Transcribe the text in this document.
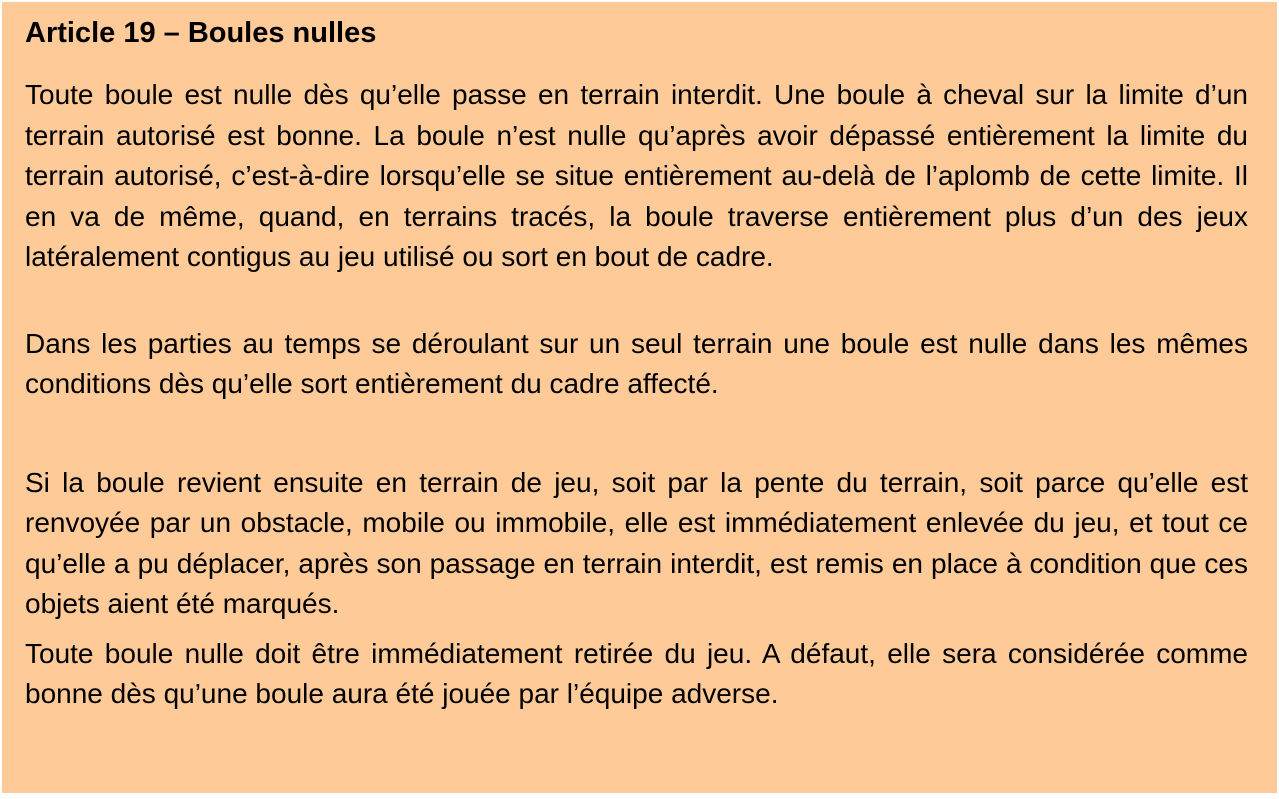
Article 19 – Boules nulles

Toute boule est nulle dès qu’elle passe en terrain interdit. Une boule à cheval sur la limite d’un terrain autorisé est bonne. La boule n’est nulle qu’après avoir dépassé entièrement la limite du terrain autorisé, c’est-à-dire lorsqu’elle se situe entièrement au-delà de l’aplomb de cette limite. Il en va de même, quand, en terrains tracés, la boule traverse entièrement plus d’un des jeux latéralement contigus au jeu utilisé ou sort en bout de cadre.

Dans les parties au temps se déroulant sur un seul terrain une boule est nulle dans les mêmes conditions dès qu’elle sort entièrement du cadre affecté.

Si la boule revient ensuite en terrain de jeu, soit par la pente du terrain, soit parce qu’elle est renvoyée par un obstacle, mobile ou immobile, elle est immédiatement enlevée du jeu, et tout ce qu’elle a pu déplacer, après son passage en terrain interdit, est remis en place à condition que ces objets aient été marqués.

Toute boule nulle doit être immédiatement retirée du jeu. A défaut, elle sera considérée comme bonne dès qu’une boule aura été jouée par l’équipe adverse.
